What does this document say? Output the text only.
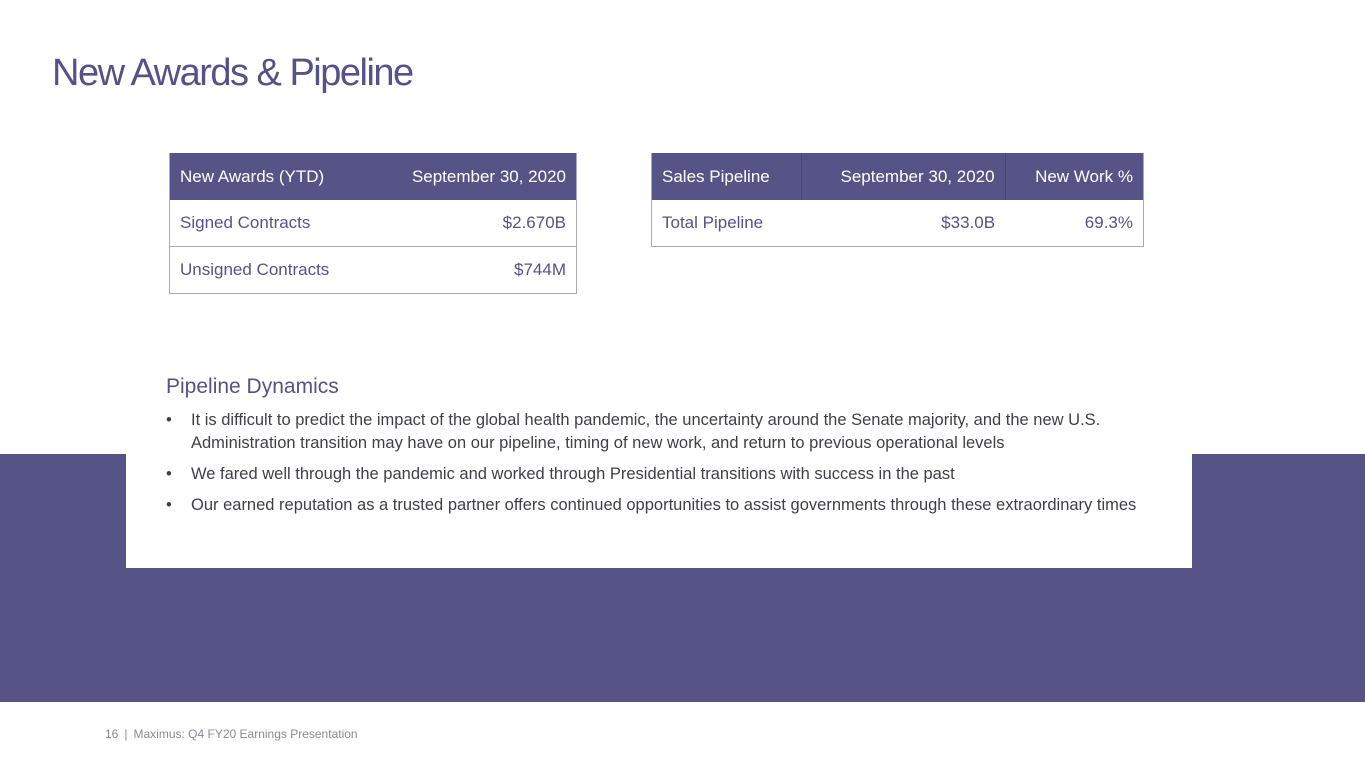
New Awards & Pipeline
New Awards (YTD)	September 30, 2020
Signed Contracts	$2.670B
Unsigned Contracts	$744M
Sales Pipeline	September 30, 2020	New Work %
Total Pipeline	$33.0B	69.3%
Pipeline Dynamics
• It is difficult to predict the impact of the global health pandemic, the uncertainty around the Senate majority, and the new U.S. Administration transition may have on our pipeline, timing of new work, and return to previous operational levels
• We fared well through the pandemic and worked through Presidential transitions with success in the past
• Our earned reputation as a trusted partner offers continued opportunities to assist governments through these extraordinary times
16 | Maximus: Q4 FY20 Earnings Presentation
